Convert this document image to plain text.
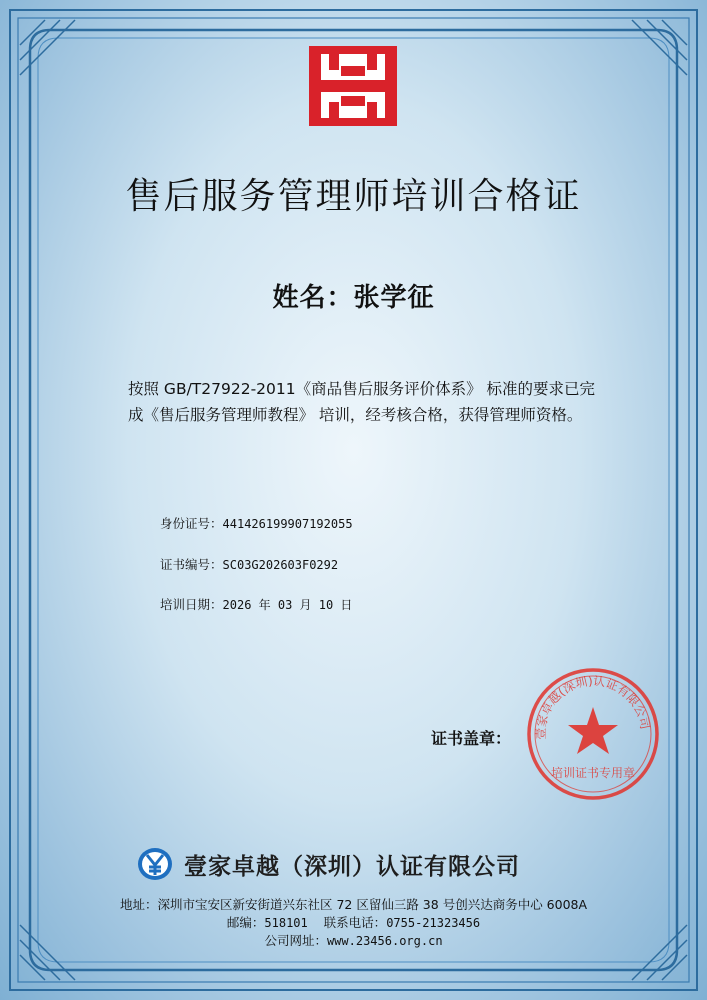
售后服务管理师培训合格证
姓名：张学征
按照 GB/T27922-2011《商品售后服务评价体系》 标准的要求已完
成《售后服务管理师教程》 培训，经考核合格，获得管理师资格。
身份证号：441426199907192055
证书编号：SC03G202603F0292
培训日期：2026 年 03 月 10 日
证书盖章： 壹家卓越(深圳)认证有限公司
培训证书专用章
壹家卓越（深圳）认证有限公司
地址：深圳市宝安区新安街道兴东社区 72 区留仙三路 38 号创兴达商务中心 6008A
邮编：518101 联系电话：0755-21323456
公司网址：www.23456.org.cn
